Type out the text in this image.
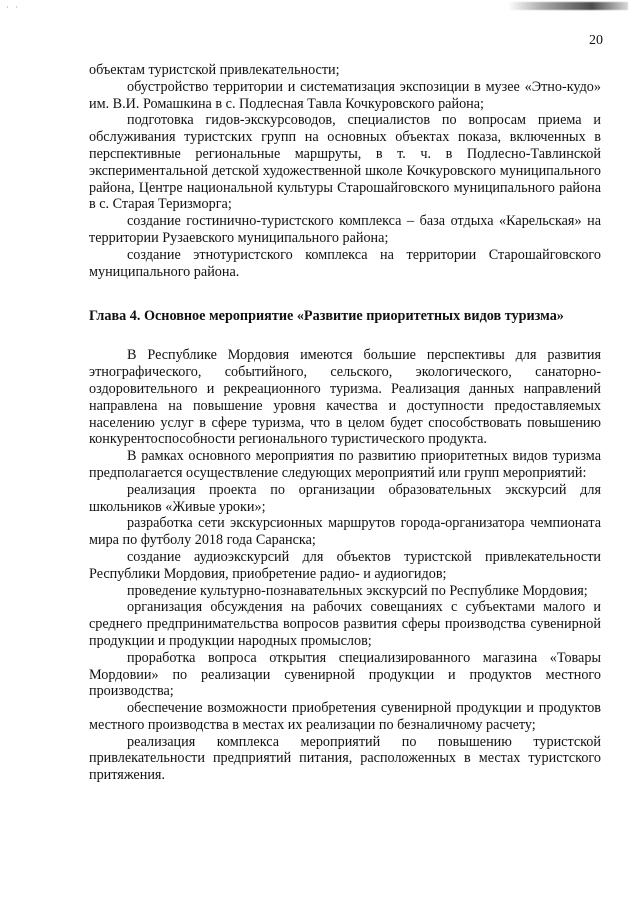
· ·
20

объектам туристской привлекательности;

обустройство территории и систематизация экспозиции в музее «Этно-кудо» им. В.И. Ромашкина в с. Подлесная Тавла Кочкуровского района;

подготовка гидов-экскурсоводов, специалистов по вопросам приема и обслуживания туристских групп на основных объектах показа, включенных в перспективные региональные маршруты, в т. ч. в Подлесно-Тавлинской экспериментальной детской художественной школе Кочкуровского муниципального района, Центре национальной культуры Старошайговского муниципального района в с. Старая Теризморга;

создание гостинично-туристского комплекса – база отдыха «Карельская» на территории Рузаевского муниципального района;

создание этнотуристского комплекса на территории Старошайговского муниципального района.

Глава 4. Основное мероприятие «Развитие приоритетных видов туризма»

В Республике Мордовия имеются большие перспективы для развития этнографического, событийного, сельского, экологического, санаторно-оздоровительного и рекреационного туризма. Реализация данных направлений направлена на повышение уровня качества и доступности предоставляемых населению услуг в сфере туризма, что в целом будет способствовать повышению конкурентоспособности регионального туристического продукта.

В рамках основного мероприятия по развитию приоритетных видов туризма предполагается осуществление следующих мероприятий или групп мероприятий:

реализация проекта по организации образовательных экскурсий для школьников «Живые уроки»;

разработка сети экскурсионных маршрутов города-организатора чемпионата мира по футболу 2018 года Саранска;

создание аудиоэкскурсий для объектов туристской привлекательности Республики Мордовия, приобретение радио- и аудиогидов;

проведение культурно-познавательных экскурсий по Республике Мордовия;

организация обсуждения на рабочих совещаниях с субъектами малого и среднего предпринимательства вопросов развития сферы производства сувенирной продукции и продукции народных промыслов;

проработка вопроса открытия специализированного магазина «Товары Мордовии» по реализации сувенирной продукции и продуктов местного производства;

обеспечение возможности приобретения сувенирной продукции и продуктов местного производства в местах их реализации по безналичному расчету;

реализация комплекса мероприятий по повышению туристской привлекательности предприятий питания, расположенных в местах туристского притяжения.
